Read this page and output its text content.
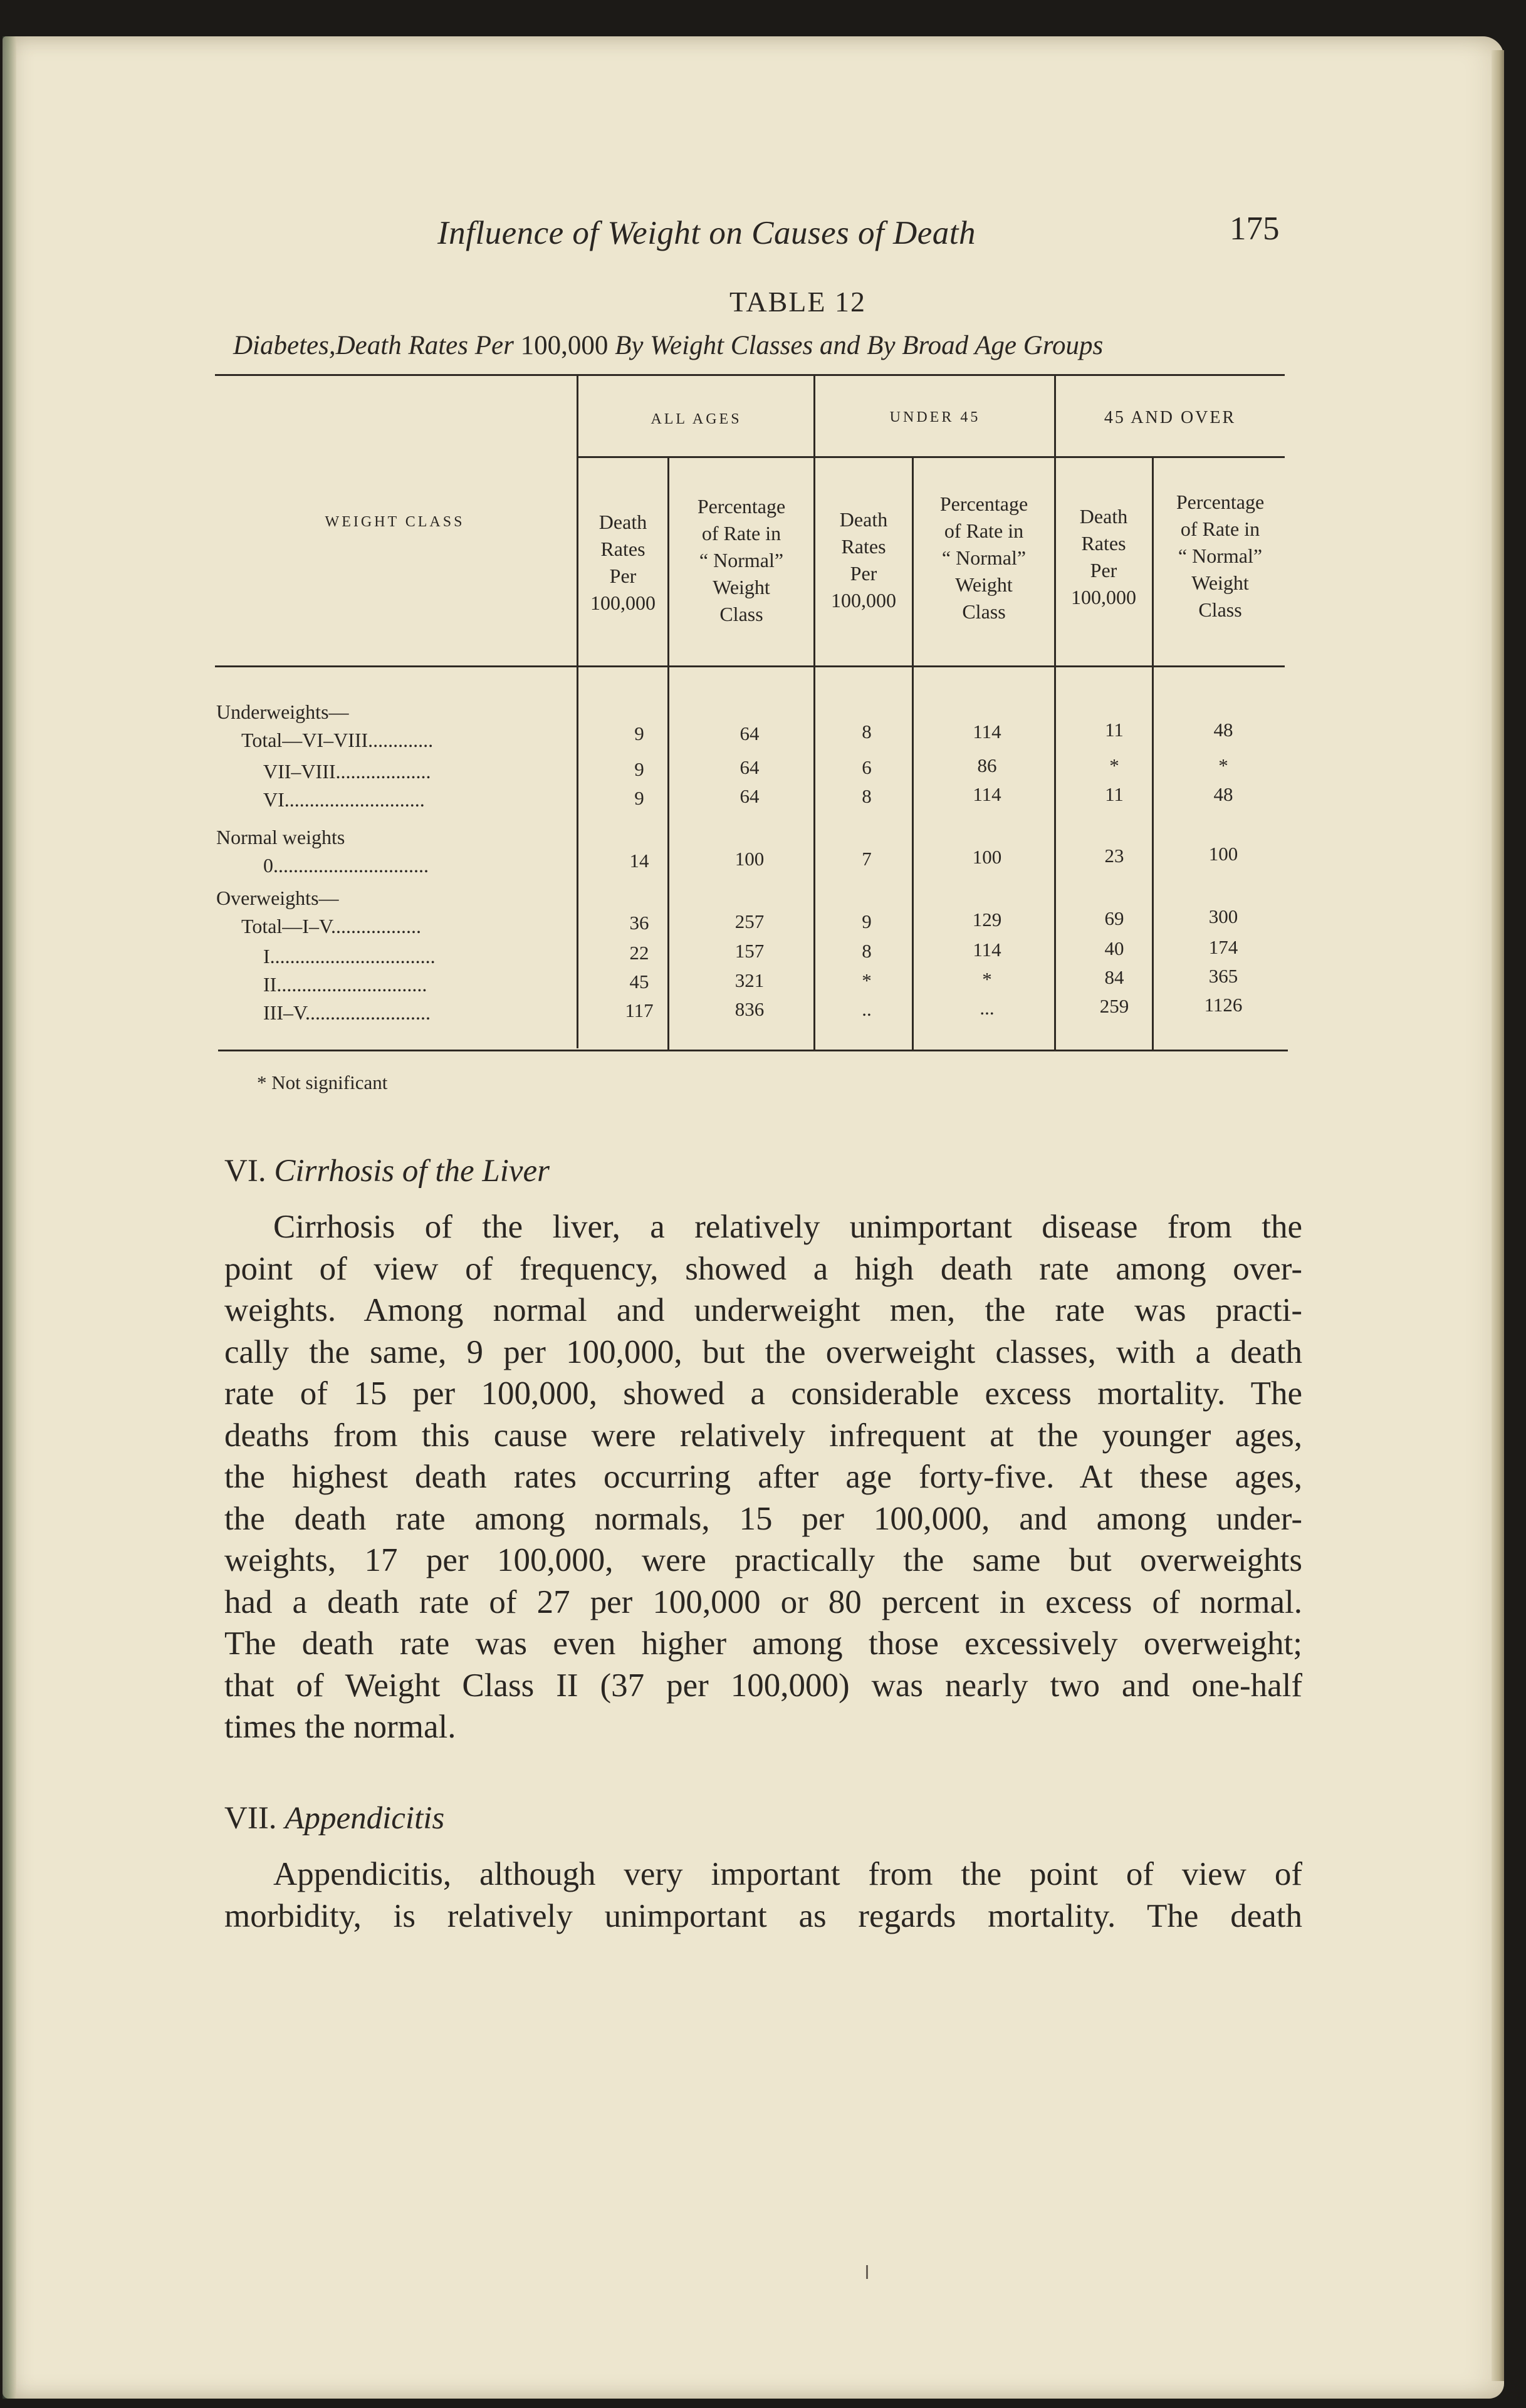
Influence of Weight on Causes of Death	175
TABLE 12
Diabetes,Death Rates Per 100,000 By Weight Classes and By Broad Age Groups
WEIGHT CLASS
ALL AGES	UNDER 45	45 AND OVER
Death
Rates
Per
100,000
Percentage
of Rate in
“ Normal”
Weight
Class
Death
Rates
Per
100,000
Percentage
of Rate in
“ Normal”
Weight
Class
Death
Rates
Per
100,000
Percentage
of Rate in
“ Normal”
Weight
Class
Underweights—
Normal weights
Overweights—
Total—VI–VIII.............	9	64	8	114	11	48
VII–VIII...................	9	64	6	86	*	*
VI............................	9	64	8	114	11	48
0...............................	14	100	7	100	23	100
Total—I–V..................	36	257	9	129	69	300
I.................................	22	157	8	114	40	174
II..............................	45	321	*	*	84	365
III–V.........................	117	836	..	...	259	1126
* Not significant
VI. Cirrhosis of the Liver
Cirrhosis of the liver, a relatively unimportant disease from the
point of view of frequency, showed a high death rate among over-
weights. Among normal and underweight men, the rate was practi-
cally the same, 9 per 100,000, but the overweight classes, with a death
rate of 15 per 100,000, showed a considerable excess mortality. The
deaths from this cause were relatively infrequent at the younger ages,
the highest death rates occurring after age forty-five. At these ages,
the death rate among normals, 15 per 100,000, and among under-
weights, 17 per 100,000, were practically the same but overweights
had a death rate of 27 per 100,000 or 80 percent in excess of normal.
The death rate was even higher among those excessively overweight;
that of Weight Class II (37 per 100,000) was nearly two and one-half
times the normal.
VII. Appendicitis
Appendicitis, although very important from the point of view of
morbidity, is relatively unimportant as regards mortality. The death
